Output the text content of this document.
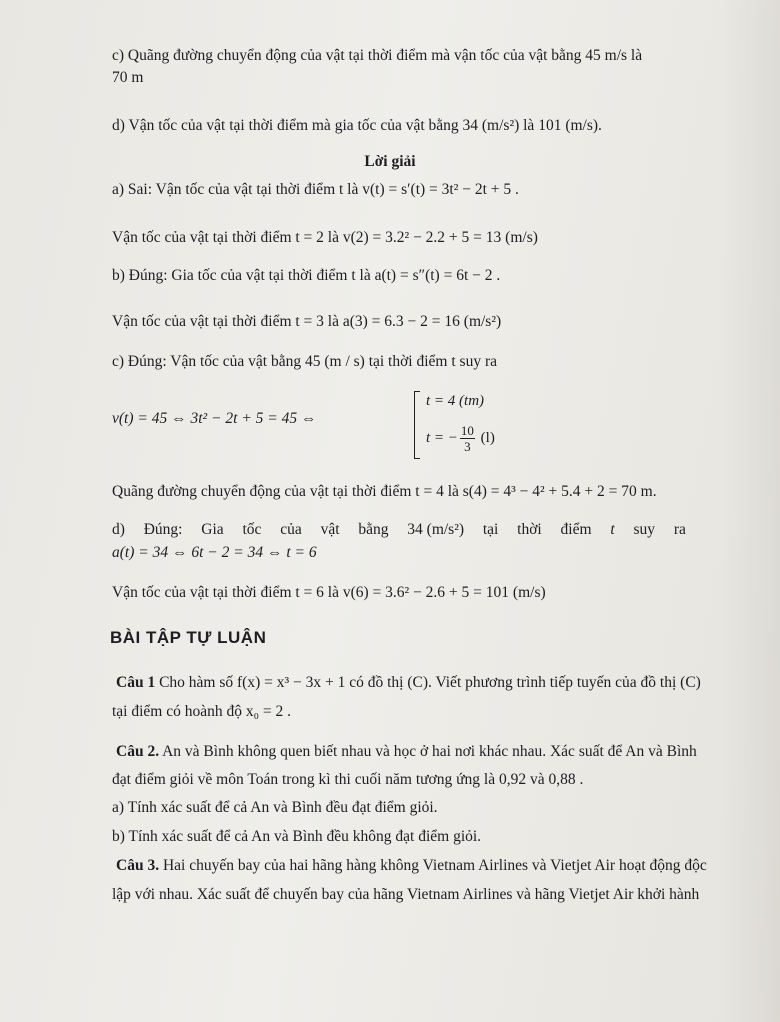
c) Quãng đường chuyển động của vật tại thời điểm mà vận tốc của vật bằng 45 m/s là

70 m

d) Vận tốc của vật tại thời điểm mà gia tốc của vật bằng 34 (m/s²) là 101 (m/s).

Lời giải

a) Sai: Vận tốc của vật tại thời điểm t là v(t) = s′(t) = 3t² − 2t + 5 .

Vận tốc của vật tại thời điểm t = 2 là v(2) = 3.2² − 2.2 + 5 = 13 (m/s)

b) Đúng: Gia tốc của vật tại thời điểm t là a(t) = s″(t) = 6t − 2 .

Vận tốc của vật tại thời điểm t = 3 là a(3) = 6.3 − 2 = 16 (m/s²)

c) Đúng: Vận tốc của vật bằng 45 (m / s) tại thời điểm t suy ra

v(t) = 45 ⇔ 3t² − 2t + 5 = 45 ⇔
t = 4 (tm)
t = − $\frac{10}{3} (l)$

Quãng đường chuyển động của vật tại thời điểm t = 4 là s(4) = 4³ − 4² + 5.4 + 2 = 70 m.

d) Đúng: Gia tốc của vật bằng 34 (m/s²) tại thời điểm t suy ra

a(t) = 34 ⇔ 6t − 2 = 34 ⇔ t = 6

Vận tốc của vật tại thời điểm t = 6 là v(6) = 3.6² − 2.6 + 5 = 101 (m/s)

BÀI TẬP TỰ LUẬN

Câu 1 Cho hàm số f(x) = x³ − 3x + 1 có đồ thị (C). Viết phương trình tiếp tuyến của đồ thị (C)

tại điểm có hoành độ x₀ = 2 .

Câu 2. An và Bình không quen biết nhau và học ở hai nơi khác nhau. Xác suất để An và Bình

đạt điểm giỏi về môn Toán trong kì thi cuối năm tương ứng là 0,92 và 0,88 .

a) Tính xác suất để cả An và Bình đều đạt điểm giỏi.

b) Tính xác suất để cả An và Bình đều không đạt điểm giỏi.

Câu 3. Hai chuyến bay của hai hãng hàng không Vietnam Airlines và Vietjet Air hoạt động độc

lập với nhau. Xác suất để chuyến bay của hãng Vietnam Airlines và hãng Vietjet Air khởi hành
